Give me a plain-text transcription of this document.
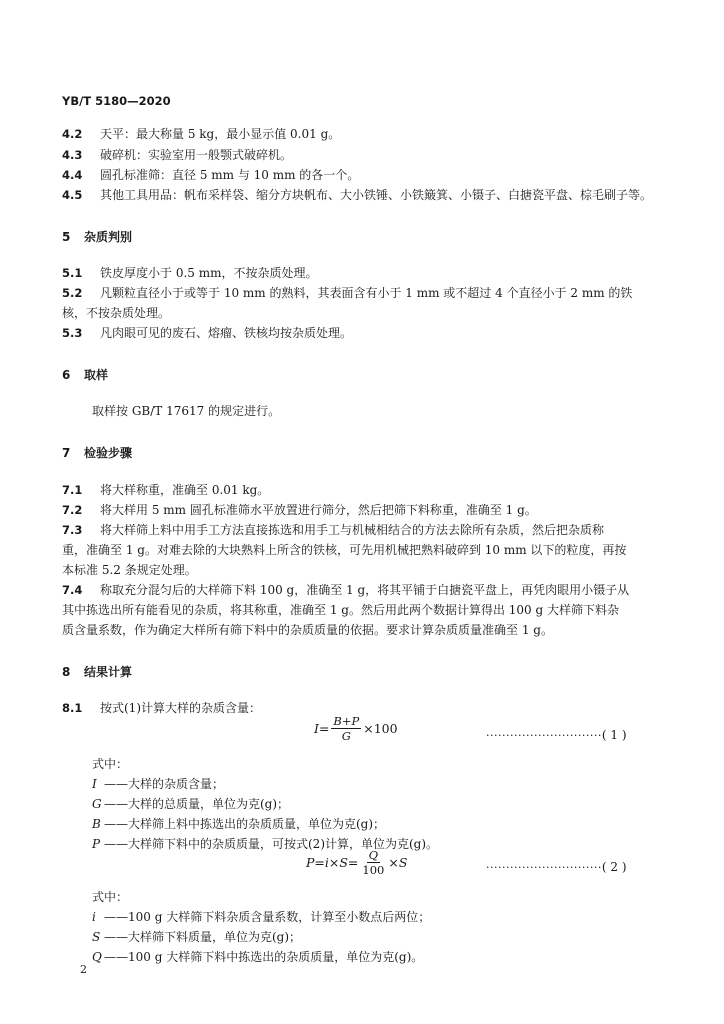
YB/T 5180—2020
4.2 天平：最大称量 5 kg，最小显示值 0.01 g。
4.3 破碎机：实验室用一般颚式破碎机。
4.4 圆孔标准筛：直径 5 mm 与 10 mm 的各一个。
4.5 其他工具用品：帆布采样袋、缩分方块帆布、大小铁锤、小铁簸箕、小镊子、白搪瓷平盘、棕毛刷子等。
5 杂质判别
5.1 铁皮厚度小于 0.5 mm，不按杂质处理。
5.2 凡颗粒直径小于或等于 10 mm 的熟料，其表面含有小于 1 mm 或不超过 4 个直径小于 2 mm 的铁
核，不按杂质处理。
5.3 凡肉眼可见的废石、熔瘤、铁核均按杂质处理。
6 取样
取样按 GB/T 17617 的规定进行。
7 检验步骤
7.1 将大样称重，准确至 0.01 kg。
7.2 将大样用 5 mm 圆孔标准筛水平放置进行筛分，然后把筛下料称重，准确至 1 g。
7.3 将大样筛上料中用手工方法直接拣选和用手工与机械相结合的方法去除所有杂质，然后把杂质称
重，准确至 1 g。对难去除的大块熟料上所含的铁核，可先用机械把熟料破碎到 10 mm 以下的粒度，再按
本标准 5.2 条规定处理。
7.4 称取充分混匀后的大样筛下料 100 g，准确至 1 g，将其平铺于白搪瓷平盘上，再凭肉眼用小镊子从
其中拣选出所有能看见的杂质，将其称重，准确至 1 g。然后用此两个数据计算得出 100 g 大样筛下料杂
质含量系数，作为确定大样所有筛下料中的杂质质量的依据。要求计算杂质质量准确至 1 g。
8 结果计算
8.1 按式(1)计算大样的杂质含量：
$I= \frac{B+P}{G} \times 100$	·····························( 1 )
式中：
I ——大样的杂质含量；
G ——大样的总质量，单位为克(g)；
B ——大样筛上料中拣选出的杂质质量，单位为克(g)；
P ——大样筛下料中的杂质质量，可按式(2)计算，单位为克(g)。
$P=i\times S= \frac{Q}{100} \times S$	·····························( 2 )
式中：
i ——100 g 大样筛下料杂质含量系数，计算至小数点后两位；
S ——大样筛下料质量，单位为克(g)；
Q ——100 g 大样筛下料中拣选出的杂质质量，单位为克(g)。
2
